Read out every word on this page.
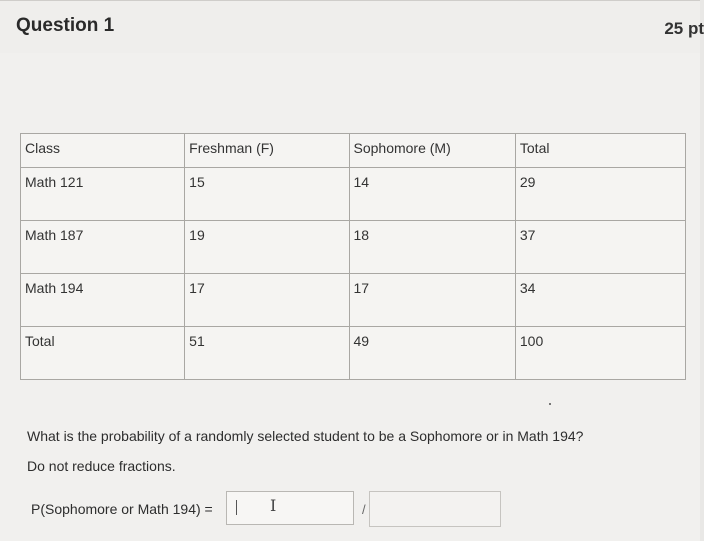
Question 1	25 pt
Class	Freshman (F)	Sophomore (M)	Total

Math 121	15	14	29

Math 187	19	18	37

Math 194	17	17	34

Total	51	49	100
What is the probability of a randomly selected student to be a Sophomore or in Math 194?
Do not reduce fractions.
P(Sophomore or Math 194) =	I	/
